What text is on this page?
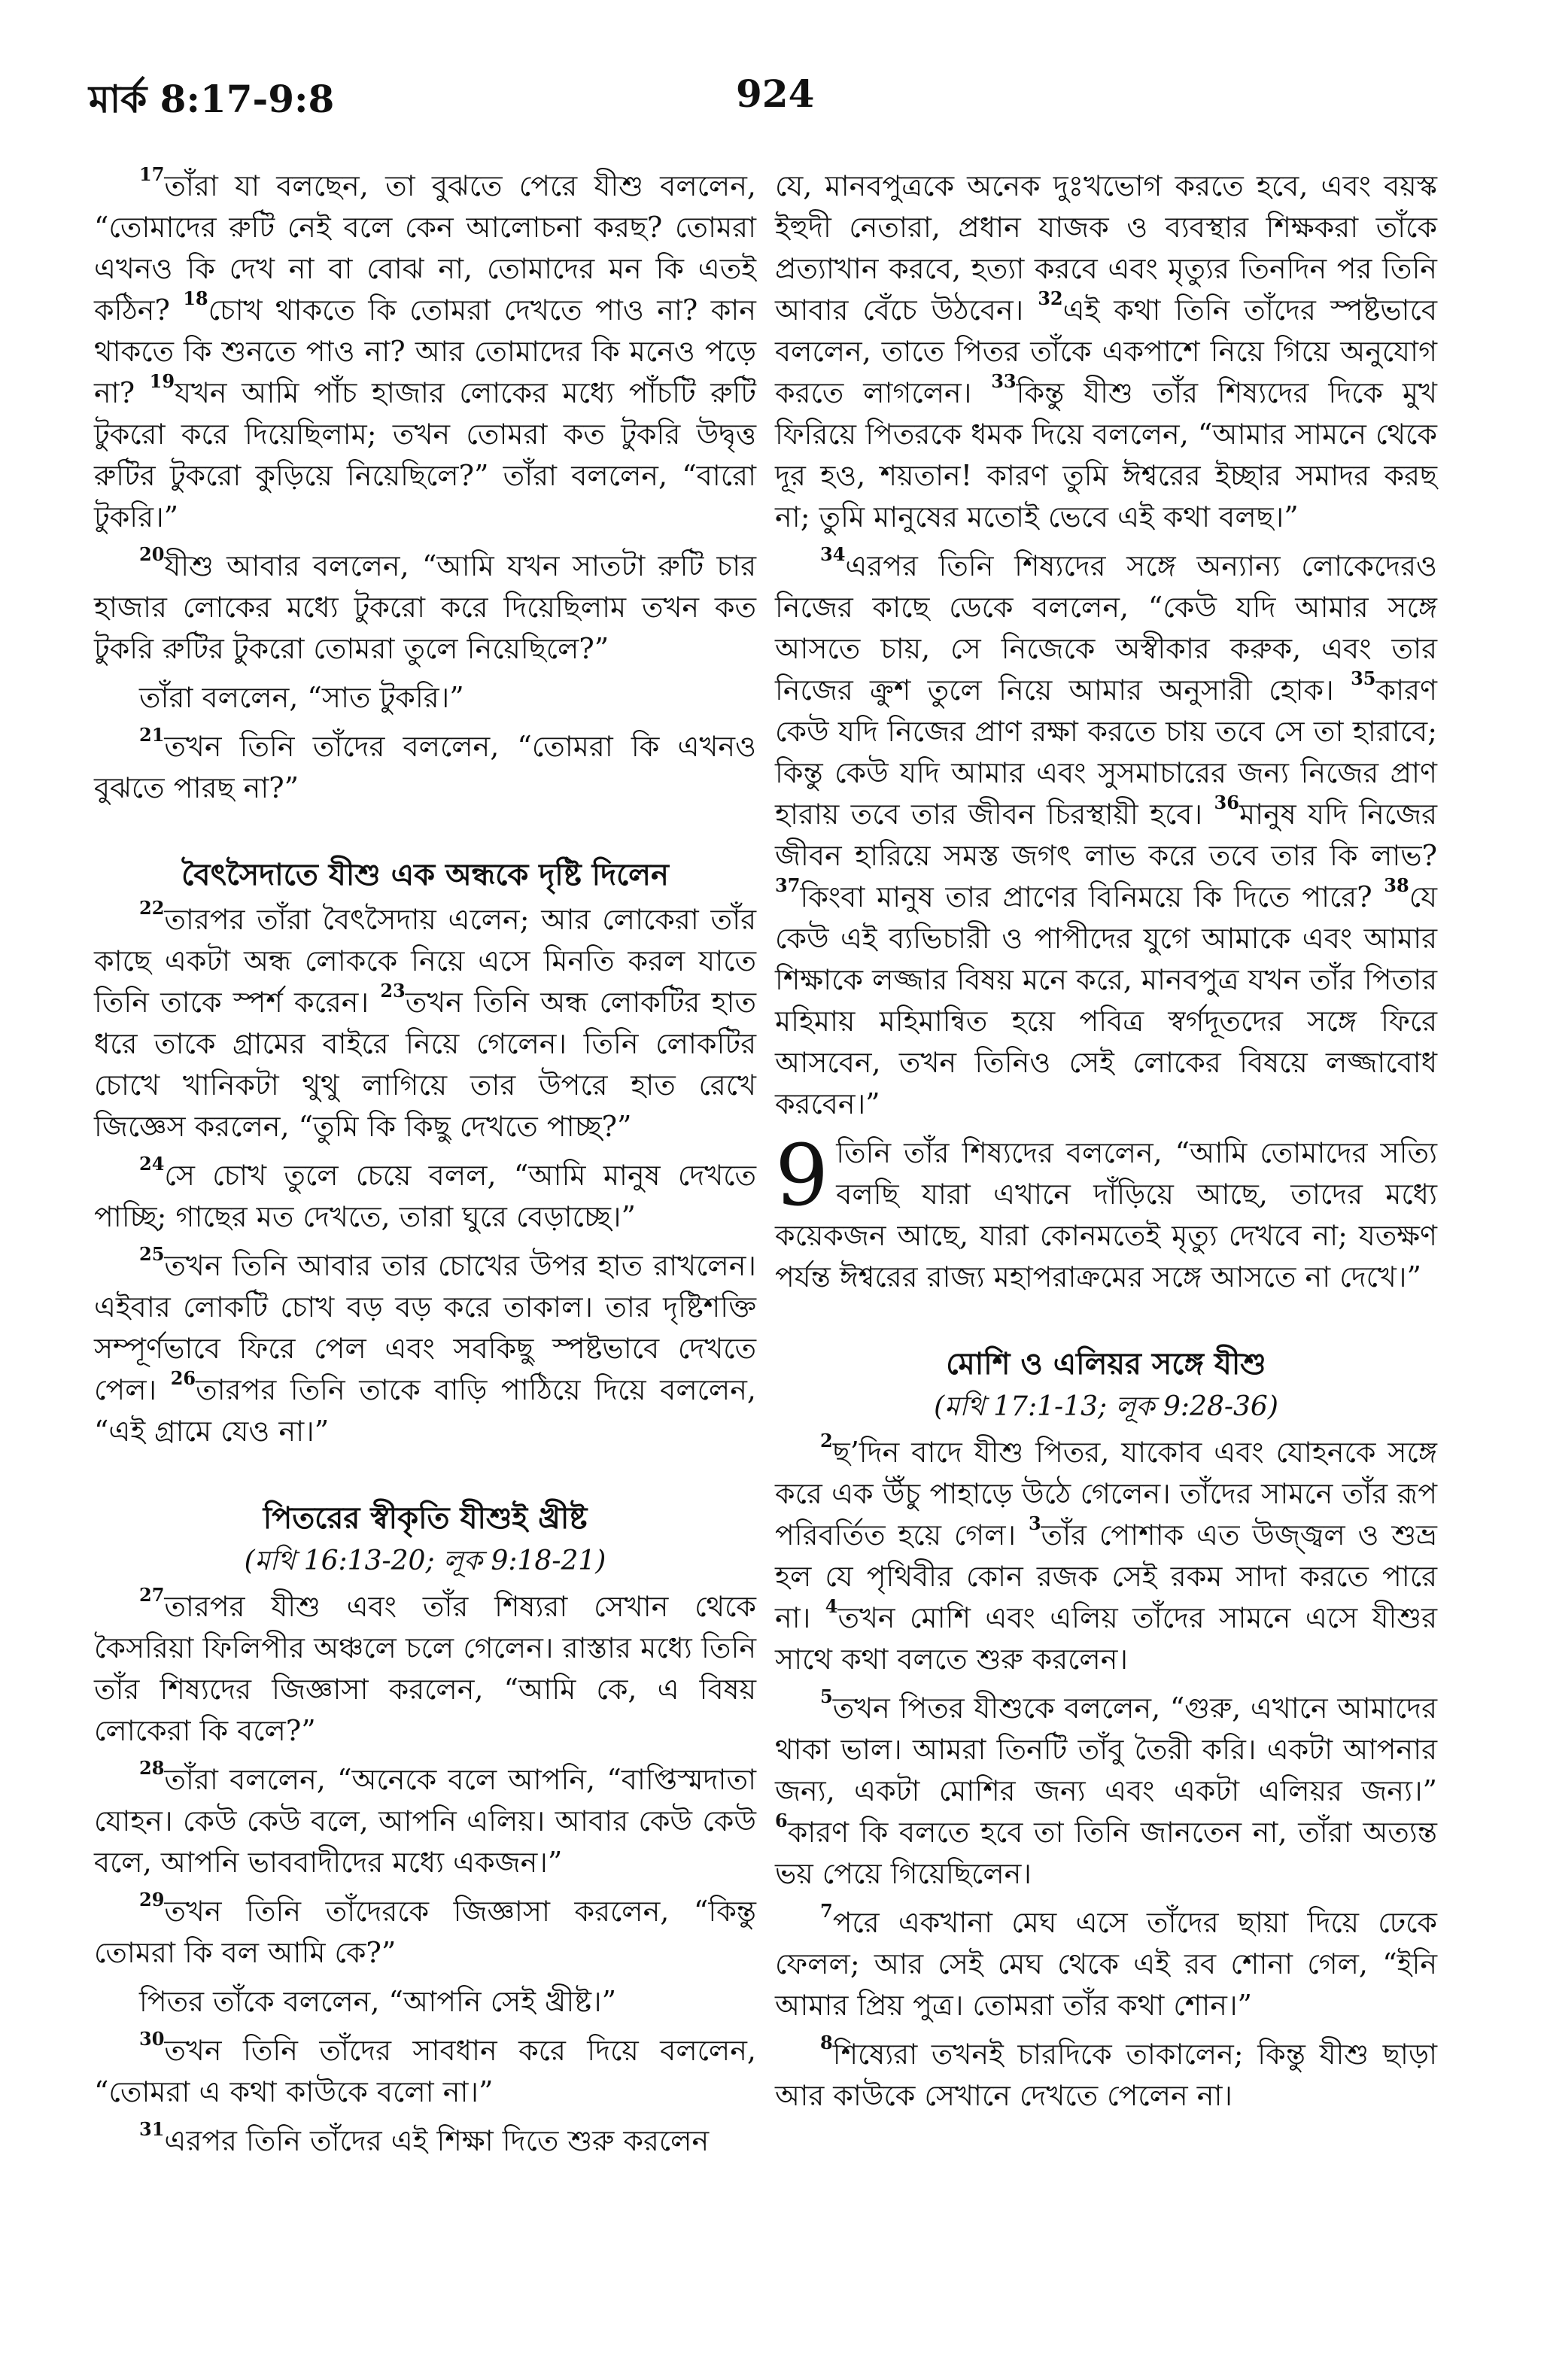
মার্ক 8:17-9:8	924

$^{17}$তাঁরা যা বলছেন, তা বুঝতে পেরে যীশু বললেন, “তোমাদের রুটি নেই বলে কেন আলোচনা করছ? তোমরা এখনও কি দেখ না বা বোঝ না, তোমাদের মন কি এতই কঠিন? $^{18}$চোখ থাকতে কি তোমরা দেখতে পাও না? কান থাকতে কি শুনতে পাও না? আর তোমাদের কি মনেও পড়ে না? $^{19}$যখন আমি পাঁচ হাজার লোকের মধ্যে পাঁচটি রুটি টুকরো করে দিয়েছিলাম; তখন তোমরা কত টুকরি উদ্বৃত্ত রুটির টুকরো কুড়িয়ে নিয়েছিলে?” তাঁরা বললেন, “বারো টুকরি।”

$^{20}$যীশু আবার বললেন, “আমি যখন সাতটা রুটি চার হাজার লোকের মধ্যে টুকরো করে দিয়েছিলাম তখন কত টুকরি রুটির টুকরো তোমরা তুলে নিয়েছিলে?”

তাঁরা বললেন, “সাত টুকরি।”

$^{21}$তখন তিনি তাঁদের বললেন, “তোমরা কি এখনও বুঝতে পারছ না?”

বৈৎসৈদাতে যীশু এক অন্ধকে দৃষ্টি দিলেন

$^{22}$তারপর তাঁরা বৈৎসৈদায় এলেন; আর লোকেরা তাঁর কাছে একটা অন্ধ লোককে নিয়ে এসে মিনতি করল যাতে তিনি তাকে স্পর্শ করেন। $^{23}$তখন তিনি অন্ধ লোকটির হাত ধরে তাকে গ্রামের বাইরে নিয়ে গেলেন। তিনি লোকটির চোখে খানিকটা থুথু লাগিয়ে তার উপরে হাত রেখে জিজ্ঞেস করলেন, “তুমি কি কিছু দেখতে পাচ্ছ?”

$^{24}$সে চোখ তুলে চেয়ে বলল, “আমি মানুষ দেখতে পাচ্ছি; গাছের মত দেখতে, তারা ঘুরে বেড়াচ্ছে।”

$^{25}$তখন তিনি আবার তার চোখের উপর হাত রাখলেন। এইবার লোকটি চোখ বড় বড় করে তাকাল। তার দৃষ্টিশক্তি সম্পূর্ণভাবে ফিরে পেল এবং সবকিছু স্পষ্টভাবে দেখতে পেল। $^{26}$তারপর তিনি তাকে বাড়ি পাঠিয়ে দিয়ে বললেন, “এই গ্রামে যেও না।”

পিতরের স্বীকৃতি যীশুই খ্রীষ্ট
(মথি 16:13-20; লূক 9:18-21)

$^{27}$তারপর যীশু এবং তাঁর শিষ্যরা সেখান থেকে কৈসরিয়া ফিলিপীর অঞ্চলে চলে গেলেন। রাস্তার মধ্যে তিনি তাঁর শিষ্যদের জিজ্ঞাসা করলেন, “আমি কে, এ বিষয় লোকেরা কি বলে?”

$^{28}$তাঁরা বললেন, “অনেকে বলে আপনি, “বাপ্তিস্মদাতা যোহন। কেউ কেউ বলে, আপনি এলিয়। আবার কেউ কেউ বলে, আপনি ভাববাদীদের মধ্যে একজন।”

$^{29}$তখন তিনি তাঁদেরকে জিজ্ঞাসা করলেন, “কিন্তু তোমরা কি বল আমি কে?”

পিতর তাঁকে বললেন, “আপনি সেই খ্রীষ্ট।”

$^{30}$তখন তিনি তাঁদের সাবধান করে দিয়ে বললেন, “তোমরা এ কথা কাউকে বলো না।”

$^{31}$এরপর তিনি তাঁদের এই শিক্ষা দিতে শুরু করলেন

যে, মানবপুত্রকে অনেক দুঃখভোগ করতে হবে, এবং বয়স্ক ইহুদী নেতারা, প্রধান যাজক ও ব্যবস্থার শিক্ষকরা তাঁকে প্রত্যাখান করবে, হত্যা করবে এবং মৃত্যুর তিনদিন পর তিনি আবার বেঁচে উঠবেন। $^{32}$এই কথা তিনি তাঁদের স্পষ্টভাবে বললেন, তাতে পিতর তাঁকে একপাশে নিয়ে গিয়ে অনুযোগ করতে লাগলেন। $^{33}$কিন্তু যীশু তাঁর শিষ্যদের দিকে মুখ ফিরিয়ে পিতরকে ধমক দিয়ে বললেন, “আমার সামনে থেকে দূর হও, শয়তান! কারণ তুমি ঈশ্বরের ইচ্ছার সমাদর করছ না; তুমি মানুষের মতোই ভেবে এই কথা বলছ।”

$^{34}$এরপর তিনি শিষ্যদের সঙ্গে অন্যান্য লোকেদেরও নিজের কাছে ডেকে বললেন, “কেউ যদি আমার সঙ্গে আসতে চায়, সে নিজেকে অস্বীকার করুক, এবং তার নিজের ক্রুশ তুলে নিয়ে আমার অনুসারী হোক। $^{35}$কারণ কেউ যদি নিজের প্রাণ রক্ষা করতে চায় তবে সে তা হারাবে; কিন্তু কেউ যদি আমার এবং সুসমাচারের জন্য নিজের প্রাণ হারায় তবে তার জীবন চিরস্থায়ী হবে। $^{36}$মানুষ যদি নিজের জীবন হারিয়ে সমস্ত জগৎ লাভ করে তবে তার কি লাভ? $^{37}$কিংবা মানুষ তার প্রাণের বিনিময়ে কি দিতে পারে? $^{38}$যে কেউ এই ব্যভিচারী ও পাপীদের যুগে আমাকে এবং আমার শিক্ষাকে লজ্জার বিষয় মনে করে, মানবপুত্র যখন তাঁর পিতার মহিমায় মহিমান্বিত হয়ে পবিত্র স্বর্গদূতদের সঙ্গে ফিরে আসবেন, তখন তিনিও সেই লোকের বিষয়ে লজ্জাবোধ করবেন।”

9 তিনি তাঁর শিষ্যদের বললেন, “আমি তোমাদের সত্যি বলছি যারা এখানে দাঁড়িয়ে আছে, তাদের মধ্যে কয়েকজন আছে, যারা কোনমতেই মৃত্যু দেখবে না; যতক্ষণ পর্যন্ত ঈশ্বরের রাজ্য মহাপরাক্রমের সঙ্গে আসতে না দেখে।”

মোশি ও এলিয়র সঙ্গে যীশু
(মথি 17:1-13; লূক 9:28-36)

$^2$ছ’দিন বাদে যীশু পিতর, যাকোব এবং যোহনকে সঙ্গে করে এক উঁচু পাহাড়ে উঠে গেলেন। তাঁদের সামনে তাঁর রূপ পরিবর্তিত হয়ে গেল। $^3$তাঁর পোশাক এত উজ্জ্বল ও শুভ্র হল যে পৃথিবীর কোন রজক সেই রকম সাদা করতে পারে না। $^4$তখন মোশি এবং এলিয় তাঁদের সামনে এসে যীশুর সাথে কথা বলতে শুরু করলেন।

$^5$তখন পিতর যীশুকে বললেন, “গুরু, এখানে আমাদের থাকা ভাল। আমরা তিনটি তাঁবু তৈরী করি। একটা আপনার জন্য, একটা মোশির জন্য এবং একটা এলিয়র জন্য।” $^6$কারণ কি বলতে হবে তা তিনি জানতেন না, তাঁরা অত্যন্ত ভয় পেয়ে গিয়েছিলেন।

$^7$পরে একখানা মেঘ এসে তাঁদের ছায়া দিয়ে ঢেকে ফেলল; আর সেই মেঘ থেকে এই রব শোনা গেল, “ইনি আমার প্রিয় পুত্র। তোমরা তাঁর কথা শোন।”

$^8$শিষ্যেরা তখনই চারদিকে তাকালেন; কিন্তু যীশু ছাড়া আর কাউকে সেখানে দেখতে পেলেন না।
